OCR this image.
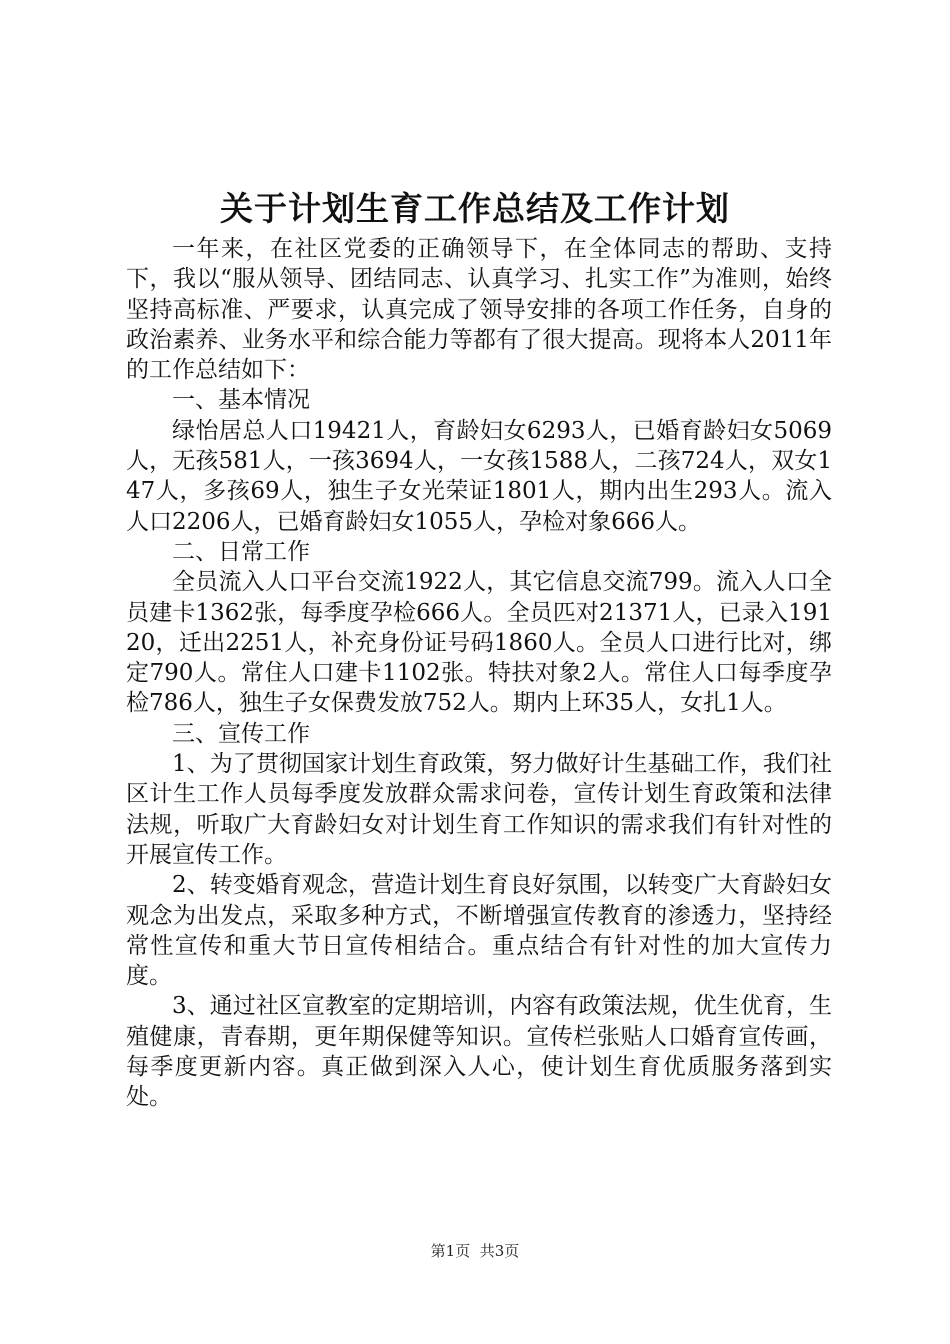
关于计划生育工作总结及工作计划

一年来，在社区党委的正确领导下，在全体同志的帮助、支持下，我以“服从领导、团结同志、认真学习、扎实工作”为准则，始终坚持高标准、严要求，认真完成了领导安排的各项工作任务，自身的政治素养、业务水平和综合能力等都有了很大提高。现将本人2011年的工作总结如下：

一、基本情况

绿怡居总人口19421人，育龄妇女6293人，已婚育龄妇女5069人，无孩581人，一孩3694人，一女孩1588人，二孩724人，双女147人，多孩69人，独生子女光荣证1801人，期内出生293人。流入人口2206人，已婚育龄妇女1055人，孕检对象666人。

二、日常工作

全员流入人口平台交流1922人，其它信息交流799。流入人口全员建卡1362张，每季度孕检666人。全员匹对21371人，已录入19120，迁出2251人，补充身份证号码1860人。全员人口进行比对，绑定790人。常住人口建卡1102张。特扶对象2人。常住人口每季度孕检786人，独生子女保费发放752人。期内上环35人，女扎1人。

三、宣传工作

1、为了贯彻国家计划生育政策，努力做好计生基础工作，我们社区计生工作人员每季度发放群众需求问卷，宣传计划生育政策和法律法规，听取广大育龄妇女对计划生育工作知识的需求我们有针对性的开展宣传工作。

2、转变婚育观念，营造计划生育良好氛围，以转变广大育龄妇女观念为出发点，采取多种方式，不断增强宣传教育的渗透力，坚持经常性宣传和重大节日宣传相结合。重点结合有针对性的加大宣传力度。

3、通过社区宣教室的定期培训，内容有政策法规，优生优育，生殖健康，青春期，更年期保健等知识。宣传栏张贴人口婚育宣传画，每季度更新内容。真正做到深入人心，使计划生育优质服务落到实处。

第1页 共3页
